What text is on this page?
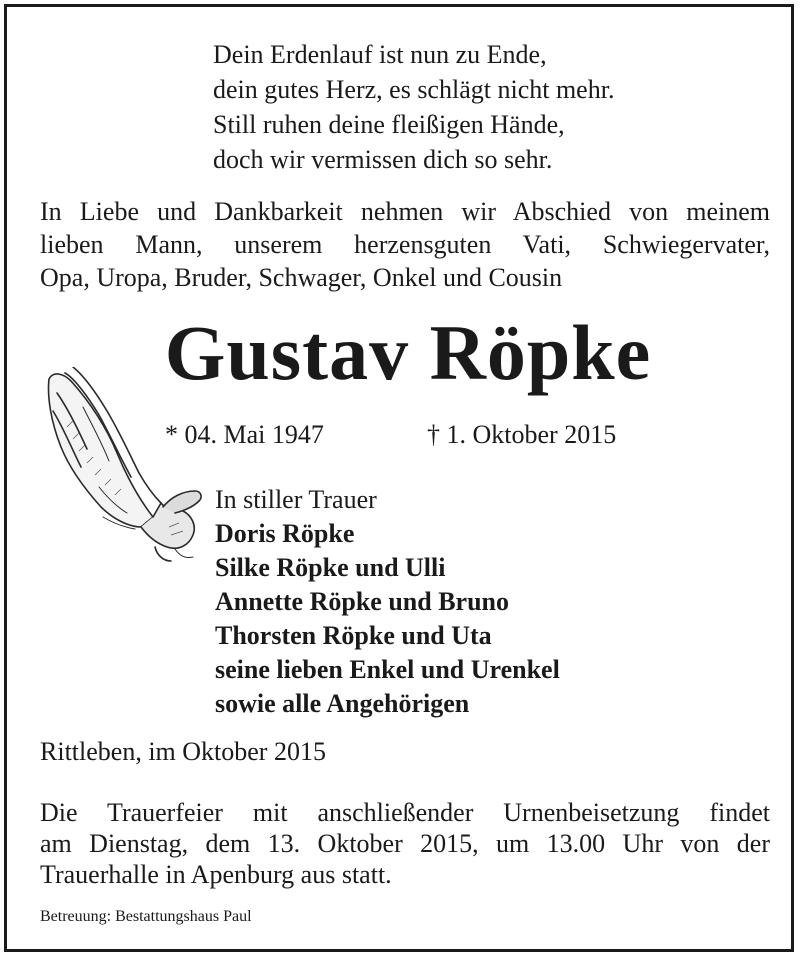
Dein Erdenlauf ist nun zu Ende,
dein gutes Herz, es schlägt nicht mehr.
Still ruhen deine fleißigen Hände,
doch wir vermissen dich so sehr.
In Liebe und Dankbarkeit nehmen wir Abschied von meinem
lieben Mann, unserem herzensguten Vati, Schwiegervater,
Opa, Uropa, Bruder, Schwager, Onkel und Cousin
Gustav Röpke
* 04. Mai 1947	† 1. Oktober 2015
In stiller Trauer
Doris Röpke
Silke Röpke und Ulli
Annette Röpke und Bruno
Thorsten Röpke und Uta
seine lieben Enkel und Urenkel
sowie alle Angehörigen
Rittleben, im Oktober 2015
Die Trauerfeier mit anschließender Urnenbeisetzung findet
am Dienstag, dem 13. Oktober 2015, um 13.00 Uhr von der
Trauerhalle in Apenburg aus statt.
Betreuung: Bestattungshaus Paul
